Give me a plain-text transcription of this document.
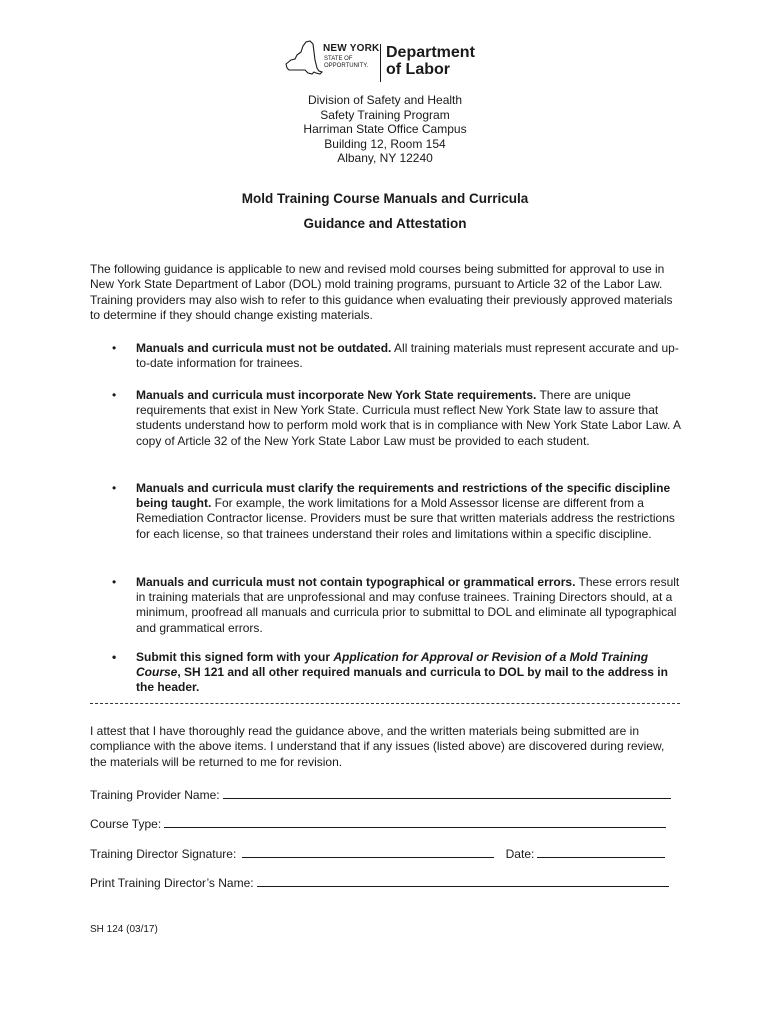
NEW YORK
STATE OF
OPPORTUNITY.
Department
of Labor
Division of Safety and Health
Safety Training Program
Harriman State Office Campus
Building 12, Room 154
Albany, NY 12240
Mold Training Course Manuals and Curricula
Guidance and Attestation
The following guidance is applicable to new and revised mold courses being submitted for approval to use in New York State Department of Labor (DOL) mold training programs, pursuant to Article 32 of the Labor Law. Training providers may also wish to refer to this guidance when evaluating their previously approved materials to determine if they should change existing materials.
• Manuals and curricula must not be outdated. All training materials must represent accurate and up-to-date information for trainees.
• Manuals and curricula must incorporate New York State requirements. There are unique requirements that exist in New York State. Curricula must reflect New York State law to assure that students understand how to perform mold work that is in compliance with New York State Labor Law. A copy of Article 32 of the New York State Labor Law must be provided to each student.
• Manuals and curricula must clarify the requirements and restrictions of the specific discipline being taught. For example, the work limitations for a Mold Assessor license are different from a Remediation Contractor license. Providers must be sure that written materials address the restrictions for each license, so that trainees understand their roles and limitations within a specific discipline.
• Manuals and curricula must not contain typographical or grammatical errors. These errors result in training materials that are unprofessional and may confuse trainees. Training Directors should, at a minimum, proofread all manuals and curricula prior to submittal to DOL and eliminate all typographical and grammatical errors.
• Submit this signed form with your Application for Approval or Revision of a Mold Training Course, SH 121 and all other required manuals and curricula to DOL by mail to the address in the header.
I attest that I have thoroughly read the guidance above, and the written materials being submitted are in compliance with the above items. I understand that if any issues (listed above) are discovered during review, the materials will be returned to me for revision.
Training Provider Name:
Course Type:
Training Director Signature:	Date:
Print Training Director’s Name:
SH 124 (03/17)
